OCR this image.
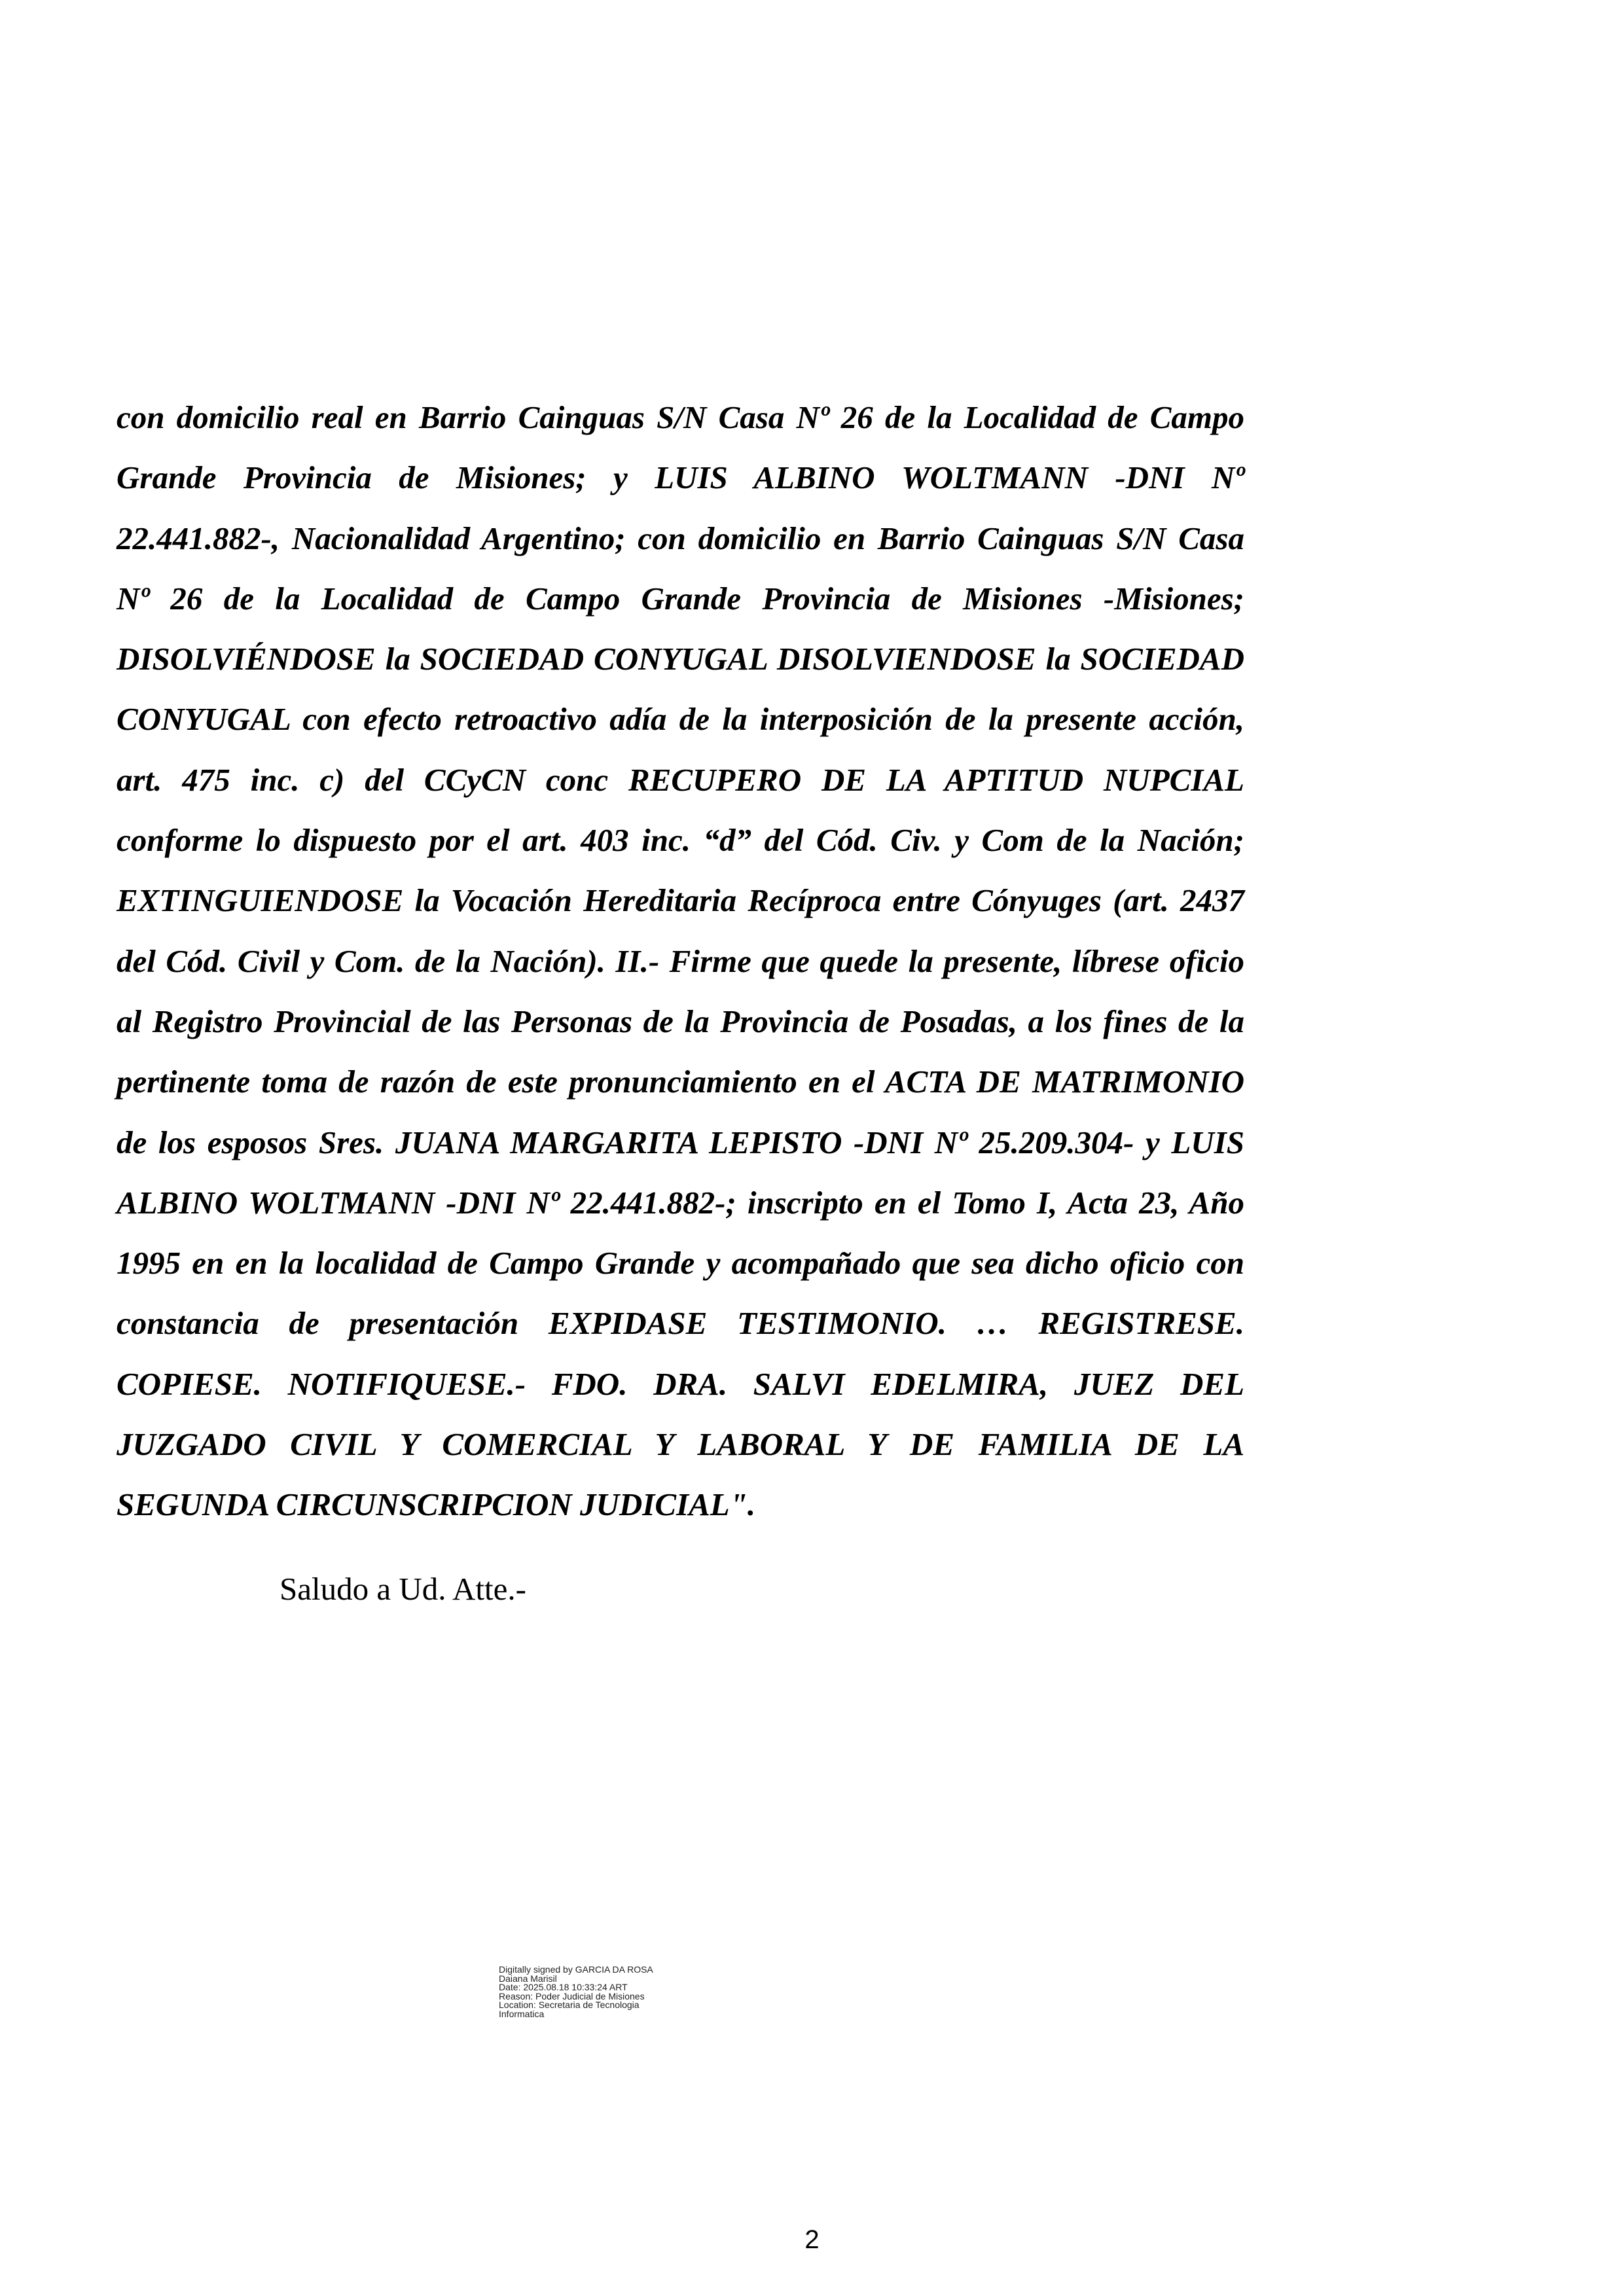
con domicilio real en Barrio Cainguas S/N Casa Nº 26 de la Localidad de Campo
Grande Provincia de Misiones; y LUIS ALBINO WOLTMANN -DNI Nº
22.441.882-, Nacionalidad Argentino; con domicilio en Barrio Cainguas S/N Casa
Nº 26 de la Localidad de Campo Grande Provincia de Misiones -Misiones;
DISOLVIÉNDOSE la SOCIEDAD CONYUGAL DISOLVIENDOSE la SOCIEDAD
CONYUGAL con efecto retroactivo adía de la interposición de la presente acción,
art. 475 inc. c) del CCyCN conc RECUPERO DE LA APTITUD NUPCIAL
conforme lo dispuesto por el art. 403 inc. “d” del Cód. Civ. y Com de la Nación;
EXTINGUIENDOSE la Vocación Hereditaria Recíproca entre Cónyuges (art. 2437
del Cód. Civil y Com. de la Nación). II.- Firme que quede la presente, líbrese oficio
al Registro Provincial de las Personas de la Provincia de Posadas, a los fines de la
pertinente toma de razón de este pronunciamiento en el ACTA DE MATRIMONIO
de los esposos Sres. JUANA MARGARITA LEPISTO -DNI Nº 25.209.304- y LUIS
ALBINO WOLTMANN -DNI Nº 22.441.882-; inscripto en el Tomo I, Acta 23, Año
1995 en en la localidad de Campo Grande y acompañado que sea dicho oficio con
constancia de presentación EXPIDASE TESTIMONIO. … REGISTRESE.
COPIESE. NOTIFIQUESE.- FDO. DRA. SALVI EDELMIRA, JUEZ DEL
JUZGADO CIVIL Y COMERCIAL Y LABORAL Y DE FAMILIA DE LA
SEGUNDA CIRCUNSCRIPCION JUDICIAL".

Saludo a Ud. Atte.-

Digitally signed by GARCIA DA ROSA
Daiana Marisil
Date: 2025.08.18 10:33:24 ART
Reason: Poder Judicial de Misiones
Location: Secretaria de Tecnologia
Informatica
2
